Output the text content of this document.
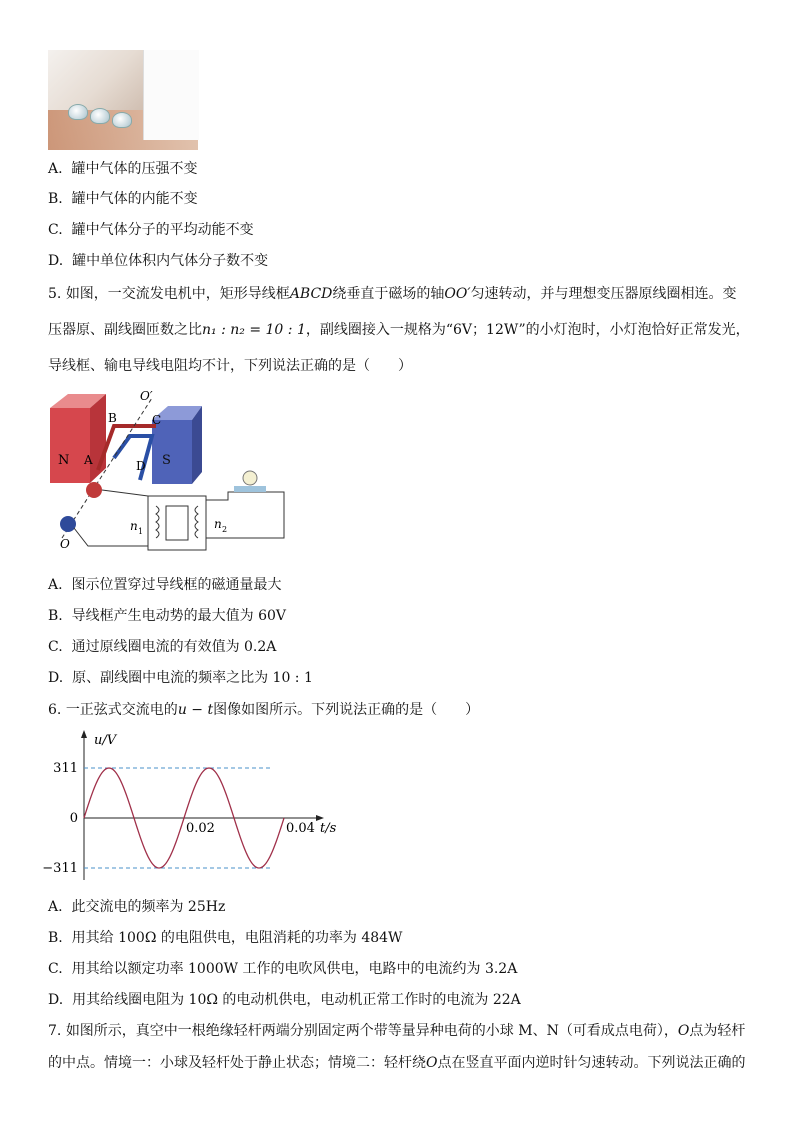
A. 罐中气体的压强不变
B. 罐中气体的内能不变
C. 罐中气体分子的平均动能不变
D. 罐中单位体积内气体分子数不变
5. 如图，一交流发电机中，矩形导线框ABCD绕垂直于磁场的轴OO′匀速转动，并与理想变压器原线圈相连。变
压器原、副线圈匝数之比n₁ : n₂ = 10 : 1，副线圈接入一规格为“6V；12W”的小灯泡时，小灯泡恰好正常发光，
导线框、输电导线电阻均不计，下列说法正确的是（　　）
N	S
O′
O
B	C
A	D
n 1
n 2
A. 图示位置穿过导线框的磁通量最大
B. 导线框产生电动势的最大值为 60V
C. 通过原线圈电流的有效值为 0.2A
D. 原、副线圈中电流的频率之比为 10 : 1
6. 一正弦式交流电的u − t图像如图所示。下列说法正确的是（　　）
u/V
t/s
311
0
−311
0.02	0.04
A. 此交流电的频率为 25Hz
B. 用其给 100Ω 的电阻供电，电阻消耗的功率为 484W
C. 用其给以额定功率 1000W 工作的电吹风供电，电路中的电流约为 3.2A
D. 用其给线圈电阻为 10Ω 的电动机供电，电动机正常工作时的电流为 22A
7. 如图所示，真空中一根绝缘轻杆两端分别固定两个带等量异种电荷的小球 M、N（可看成点电荷），O点为轻杆
的中点。情境一：小球及轻杆处于静止状态；情境二：轻杆绕O点在竖直平面内逆时针匀速转动。下列说法正确的
